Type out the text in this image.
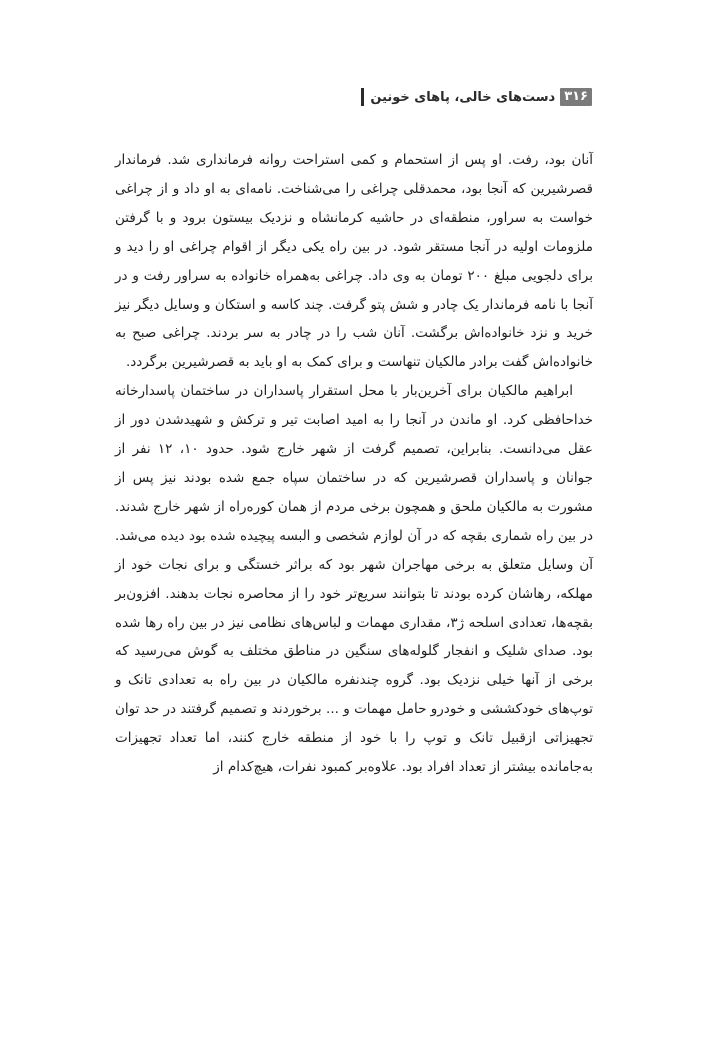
۳۱۶
دست‌های خالی، پاهای خونین

آنان بود، رفت. او پس از استحمام و کمی استراحت روانه فرمانداری شد. فرماندار قصرشیرین که آنجا بود، محمدقلی چراغی را می‌شناخت. نامه‌ای به او داد و از چراغی خواست به سراور، منطقه‌ای در حاشیه کرمانشاه و نزدیک بیستون برود و با گرفتن ملزومات اولیه در آنجا مستقر شود. در بین راه یکی دیگر از اقوام چراغی او را دید و برای دلجویی مبلغ ۲۰۰ تومان به وی داد. چراغی به‌همراه خانواده به سراور رفت و در آنجا با نامه فرماندار یک چادر و شش پتو گرفت. چند کاسه و استکان و وسایل دیگر نیز خرید و نزد خانواده‌اش برگشت. آنان شب را در چادر به سر بردند. چراغی صبح به خانواده‌اش گفت برادر مالکیان تنهاست و برای کمک به او باید به قصرشیرین برگردد.

ابراهیم مالکیان برای آخرین‌بار با محل استقرار پاسداران در ساختمان پاسدارخانه خداحافظی کرد. او ماندن در آنجا را به امید اصابت تیر و ترکش و شهیدشدن دور از عقل می‌دانست. بنابراین، تصمیم گرفت از شهر خارج شود. حدود ۱۰، ۱۲ نفر از جوانان و پاسداران قصرشیرین که در ساختمان سپاه جمع شده بودند نیز پس از مشورت به مالکیان ملحق و همچون برخی مردم از همان کوره‌راه از شهر خارج شدند. در بین راه شماری بقچه که در آن لوازم شخصی و البسه پیچیده شده بود دیده می‌شد. آن وسایل متعلق به برخی مهاجران شهر بود که براثر خستگی و برای نجات خود از مهلکه، رهاشان کرده بودند تا بتوانند سریع‌تر خود را از محاصره نجات بدهند. افزون‌بر بقچه‌ها، تعدادی اسلحه ژ۳، مقداری مهمات و لباس‌های نظامی نیز در بین راه رها شده بود. صدای شلیک و انفجار گلوله‌های سنگین در مناطق مختلف به گوش می‌رسید که برخی از آنها خیلی نزدیک بود. گروه چندنفره مالکیان در بین راه به تعدادی تانک و توپ‌های خودکششی و خودرو حامل مهمات و ... برخوردند و تصمیم گرفتند در حد توان تجهیزاتی ازقبیل تانک و توپ را با خود از منطقه خارج کنند، اما تعداد تجهیزات به‌جامانده بیشتر از تعداد افراد بود. علاوه‌بر کمبود نفرات، هیچ‌کدام از
